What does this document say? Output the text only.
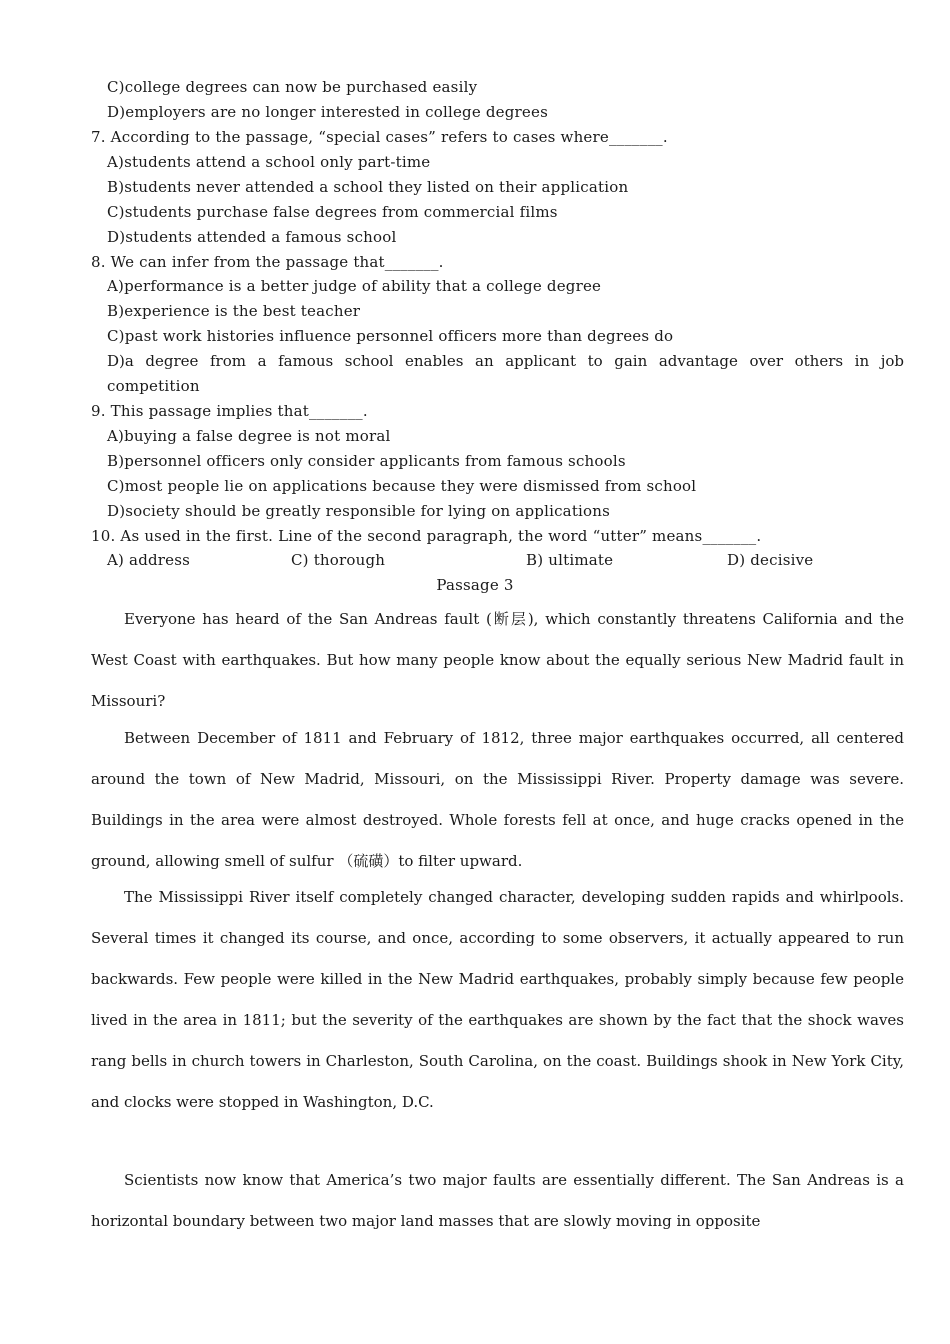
C)college degrees can now be purchased easily
D)employers are no longer interested in college degrees
7. According to the passage, “special cases” refers to cases where_______.
A)students attend a school only part-time
B)students never attended a school they listed on their application
C)students purchase false degrees from commercial films
D)students attended a famous school
8. We can infer from the passage that_______.
A)performance is a better judge of ability that a college degree
B)experience is the best teacher
C)past work histories influence personnel officers more than degrees do
D)a degree from a famous school enables an applicant to gain advantage over others in job
competition
9. This passage implies that_______.
A)buying a false degree is not moral
B)personnel officers only consider applicants from famous schools
C)most people lie on applications because they were dismissed from school
D)society should be greatly responsible for lying on applications
10. As used in the first. Line of the second paragraph, the word “utter” means_______.
A) address	C) thorough	B) ultimate	D) decisive
Passage 3
Everyone has heard of the San Andreas fault (断层), which constantly threatens California and the West Coast with earthquakes. But how many people know about the equally serious New Madrid fault in Missouri?
Between December of 1811 and February of 1812, three major earthquakes occurred, all centered around the town of New Madrid, Missouri, on the Mississippi River. Property damage was severe. Buildings in the area were almost destroyed. Whole forests fell at once, and huge cracks opened in the ground, allowing smell of sulfur （硫磺）to filter upward.
The Mississippi River itself completely changed character, developing sudden rapids and whirlpools. Several times it changed its course, and once, according to some observers, it actually appeared to run backwards. Few people were killed in the New Madrid earthquakes, probably simply because few people lived in the area in 1811; but the severity of the earthquakes are shown by the fact that the shock waves rang bells in church towers in Charleston, South Carolina, on the coast. Buildings shook in New York City, and clocks were stopped in Washington, D.C.
Scientists now know that America’s two major faults are essentially different. The San Andreas is a horizontal boundary between two major land masses that are slowly moving in opposite
